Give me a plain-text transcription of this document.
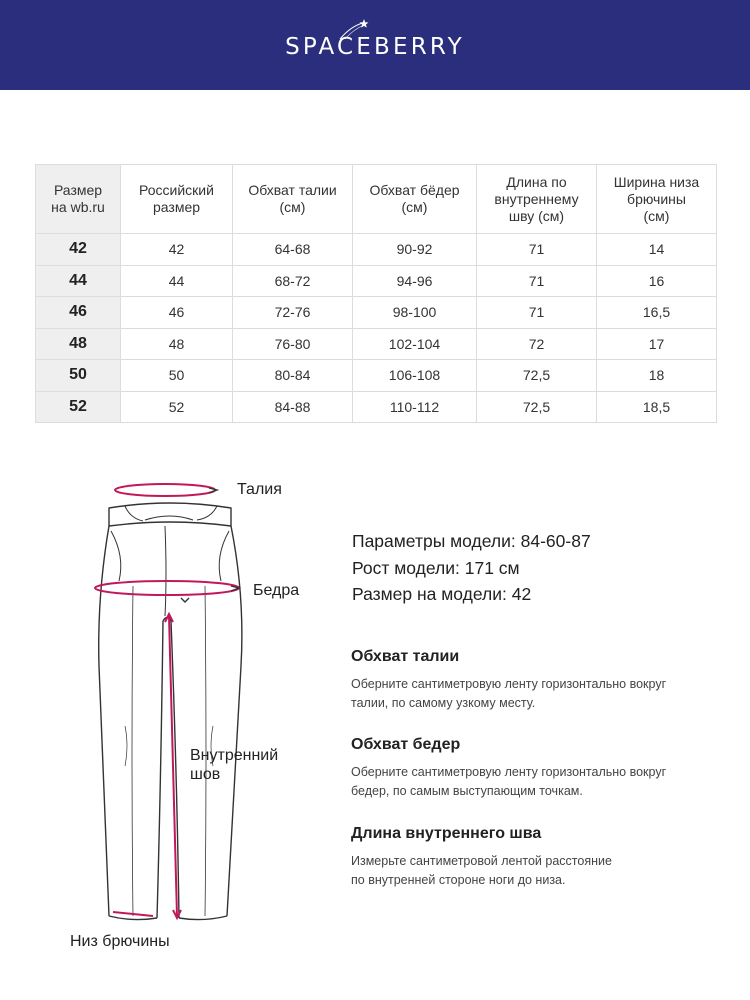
SPACEBERRY
Размер
на wb.ru	Российский
размер	Обхват талии
(см)	Обхват бёдер
(см)	Длина по
внутреннему
шву (см)	Ширина низа
брючины
(см)
42	42	64-68	90-92	71	14
44	44	68-72	94-96	71	16
46	46	72-76	98-100	71	16,5
48	48	76-80	102-104	72	17
50	50	80-84	106-108	72,5	18
52	52	84-88	110-112	72,5	18,5
Талия
Бедра
Внутренний
шов
Низ брючины
Параметры модели: 84-60-87
Рост модели: 171 см
Размер на модели: 42
Обхват талии
Оберните сантиметровую ленту горизонтально вокруг
талии, по самому узкому месту.
Обхват бедер
Оберните сантиметровую ленту горизонтально вокруг
бедер, по самым выступающим точкам.
Длина внутреннего шва
Измерьте сантиметровой лентой расстояние
по внутренней стороне ноги до низа.
